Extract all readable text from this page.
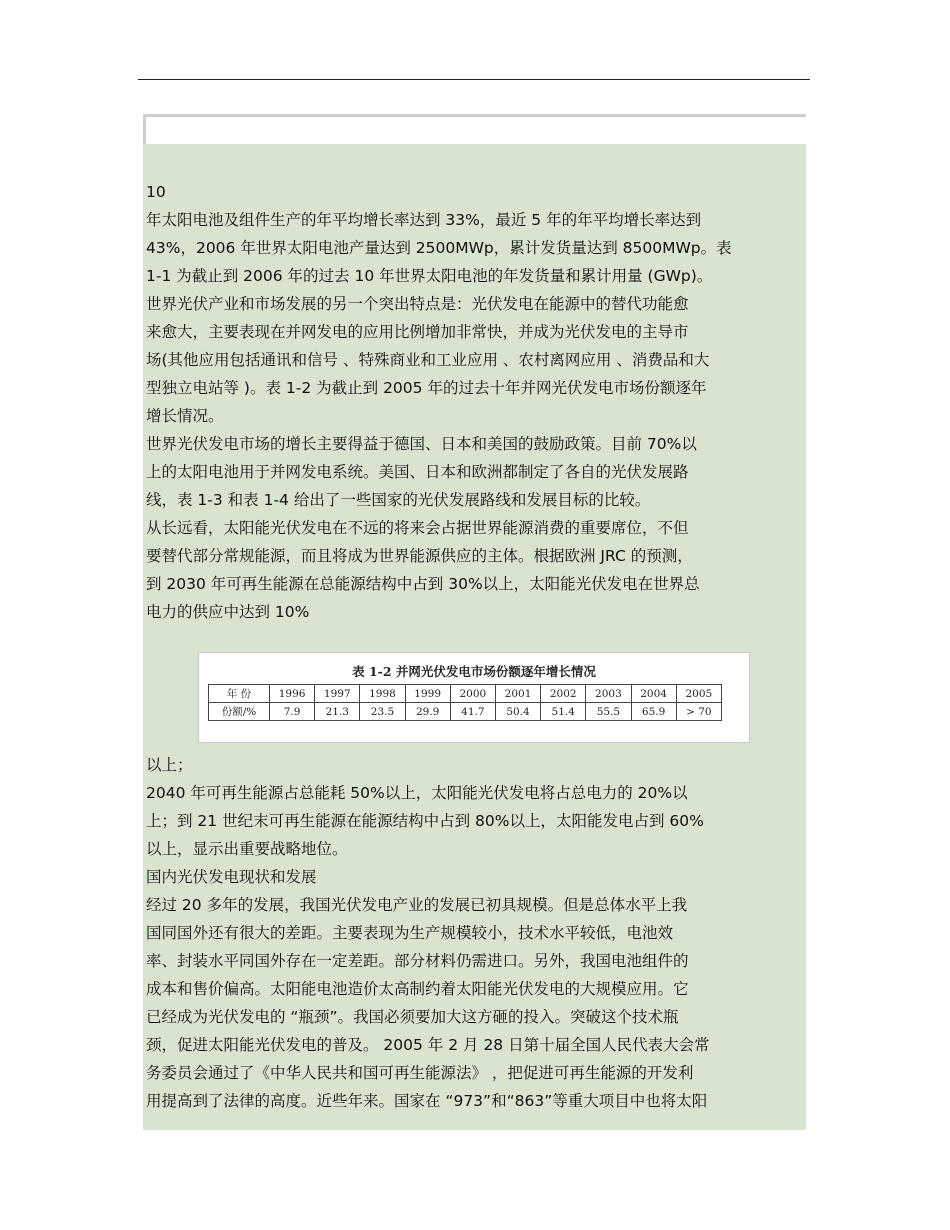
10
年太阳电池及组件生产的年平均增长率达到 33%，最近 5 年的年平均增长率达到
43%，2006 年世界太阳电池产量达到 2500MWp，累计发货量达到 8500MWp。表
1-1 为截止到 2006 年的过去 10 年世界太阳电池的年发货量和累计用量 (GWp)。
世界光伏产业和市场发展的另一个突出特点是：光伏发电在能源中的替代功能愈
来愈大，主要表现在并网发电的应用比例增加非常快，并成为光伏发电的主导市
场(其他应用包括通讯和信号 、特殊商业和工业应用 、农村离网应用 、消费品和大
型独立电站等 )。表 1-2 为截止到 2005 年的过去十年并网光伏发电市场份额逐年
增长情况。
世界光伏发电市场的增长主要得益于德国、日本和美国的鼓励政策。目前 70%以
上的太阳电池用于并网发电系统。美国、日本和欧洲都制定了各自的光伏发展路
线，表 1-3 和表 1-4 给出了一些国家的光伏发展路线和发展目标的比较。
从长远看，太阳能光伏发电在不远的将来会占据世界能源消费的重要席位，不但
要替代部分常规能源，而且将成为世界能源供应的主体。根据欧洲 JRC 的预测，
到 2030 年可再生能源在总能源结构中占到 30%以上，太阳能光伏发电在世界总
电力的供应中达到 10%
表 1-2 并网光伏发电市场份额逐年增长情况
年 份	1996	1997	1998	1999	2000	2001	2002	2003	2004	2005
份额/%	7.9	21.3	23.5	29.9	41.7	50.4	51.4	55.5	65.9	> 70
以上；
2040 年可再生能源占总能耗 50%以上，太阳能光伏发电将占总电力的 20%以
上；到 21 世纪末可再生能源在能源结构中占到 80%以上，太阳能发电占到 60%
以上，显示出重要战略地位。
国内光伏发电现状和发展
经过 20 多年的发展，我国光伏发电产业的发展已初具规模。但是总体水平上我
国同国外还有很大的差距。主要表现为生产规模较小，技术水平较低，电池效
率、封装水平同国外存在一定差距。部分材料仍需进口。另外，我国电池组件的
成本和售价偏高。太阳能电池造价太高制约着太阳能光伏发电的大规模应用。它
已经成为光伏发电的 “瓶颈”。我国必须要加大这方砸的投入。突破这个技术瓶
颈，促进太阳能光伏发电的普及。 2005 年 2 月 28 日第十届全国人民代表大会常
务委员会通过了《中华人民共和国可再生能源法》 ，把促进可再生能源的开发利
用提高到了法律的高度。近些年来。国家在 “973”和“863”等重大项目中也将太阳
